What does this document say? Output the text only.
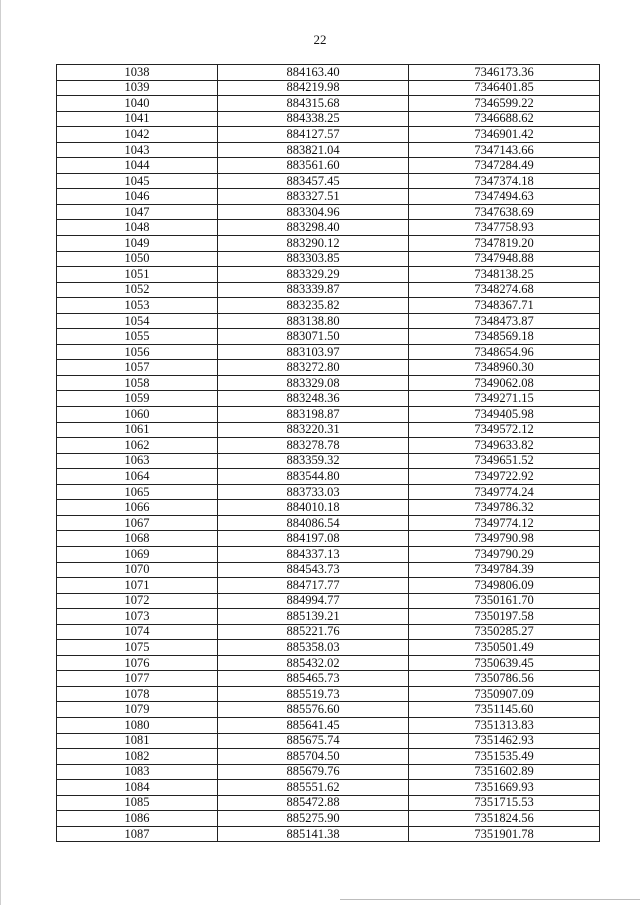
22
1038	884163.40	7346173.36
1039	884219.98	7346401.85
1040	884315.68	7346599.22
1041	884338.25	7346688.62
1042	884127.57	7346901.42
1043	883821.04	7347143.66
1044	883561.60	7347284.49
1045	883457.45	7347374.18
1046	883327.51	7347494.63
1047	883304.96	7347638.69
1048	883298.40	7347758.93
1049	883290.12	7347819.20
1050	883303.85	7347948.88
1051	883329.29	7348138.25
1052	883339.87	7348274.68
1053	883235.82	7348367.71
1054	883138.80	7348473.87
1055	883071.50	7348569.18
1056	883103.97	7348654.96
1057	883272.80	7348960.30
1058	883329.08	7349062.08
1059	883248.36	7349271.15
1060	883198.87	7349405.98
1061	883220.31	7349572.12
1062	883278.78	7349633.82
1063	883359.32	7349651.52
1064	883544.80	7349722.92
1065	883733.03	7349774.24
1066	884010.18	7349786.32
1067	884086.54	7349774.12
1068	884197.08	7349790.98
1069	884337.13	7349790.29
1070	884543.73	7349784.39
1071	884717.77	7349806.09
1072	884994.77	7350161.70
1073	885139.21	7350197.58
1074	885221.76	7350285.27
1075	885358.03	7350501.49
1076	885432.02	7350639.45
1077	885465.73	7350786.56
1078	885519.73	7350907.09
1079	885576.60	7351145.60
1080	885641.45	7351313.83
1081	885675.74	7351462.93
1082	885704.50	7351535.49
1083	885679.76	7351602.89
1084	885551.62	7351669.93
1085	885472.88	7351715.53
1086	885275.90	7351824.56
1087	885141.38	7351901.78
